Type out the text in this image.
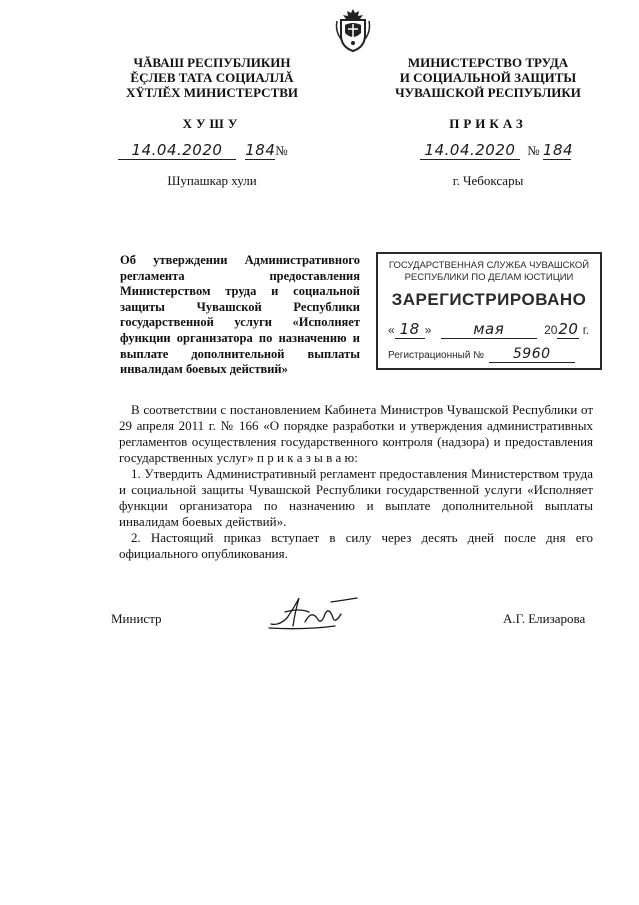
ЧĂВАШ РЕСПУБЛИКИН
ĔÇЛЕВ ТАТА СОЦИАЛЛĂ
ХŸТЛĔХ МИНИСТЕРСТВИ
МИНИСТЕРСТВО ТРУДА
И СОЦИАЛЬНОЙ ЗАЩИТЫ
ЧУВАШСКОЙ РЕСПУБЛИКИ
ХУШУ	ПРИКАЗ
14.04.2020 184№	14.04.2020 № 184
Шупашкар хули	г. Чебоксары
Об утверждении Административного регламента предоставления Министерством труда и социальной защиты Чувашской Республики государственной услуги «Исполняет функции организатора по назначению и выплате дополнительной выплаты инвалидам боевых действий»
ГОСУДАРСТВЕННАЯ СЛУЖБА ЧУВАШСКОЙ
РЕСПУБЛИКИ ПО ДЕЛАМ ЮСТИЦИИ
ЗАРЕГИСТРИРОВАНО
« 18 »	мая	2020 г.
Регистрационный № 5960

В соответствии с постановлением Кабинета Министров Чувашской Республики от 29 апреля 2011 г. № 166 «О порядке разработки и утверждения административных регламентов осуществления государственного контроля (надзора) и предоставления государственных услуг» п р и к а з ы в а ю:

1. Утвердить Административный регламент предоставления Министерством труда и социальной защиты Чувашской Республики государственной услуги «Исполняет функции организатора по назначению и выплате дополнительной выплаты инвалидам боевых действий».

2. Настоящий приказ вступает в силу через десять дней после дня его официального опубликования.

Министр	А.Г. Елизарова
